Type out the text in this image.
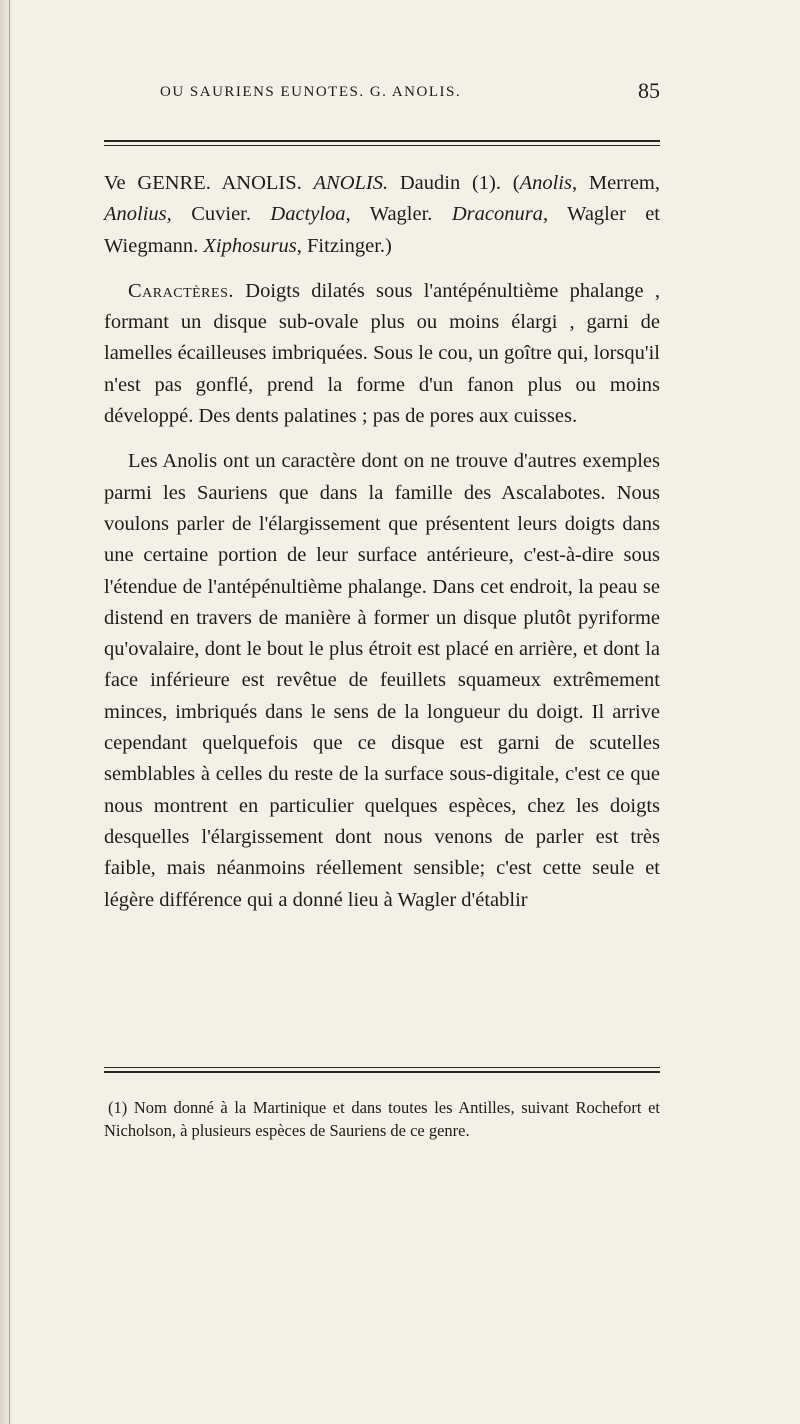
OU SAURIENS EUNOTES. G. ANOLIS.	85

Ve GENRE. ANOLIS. ANOLIS. Daudin (1). (Anolis, Merrem, Anolius, Cuvier. Dactyloa, Wagler. Draconura, Wagler et Wiegmann. Xiphosurus, Fitzinger.)

Caractères. Doigts dilatés sous l'antépénultième phalange , formant un disque sub-ovale plus ou moins élargi , garni de lamelles écailleuses imbriquées. Sous le cou, un goître qui, lorsqu'il n'est pas gonflé, prend la forme d'un fanon plus ou moins développé. Des dents palatines ; pas de pores aux cuisses.

Les Anolis ont un caractère dont on ne trouve d'autres exemples parmi les Sauriens que dans la famille des Ascalabotes. Nous voulons parler de l'élargissement que présentent leurs doigts dans une certaine portion de leur surface antérieure, c'est-à-dire sous l'étendue de l'antépénultième phalange. Dans cet endroit, la peau se distend en travers de manière à former un disque plutôt pyriforme qu'ovalaire, dont le bout le plus étroit est placé en arrière, et dont la face inférieure est revêtue de feuillets squameux extrêmement minces, imbriqués dans le sens de la longueur du doigt. Il arrive cependant quelquefois que ce disque est garni de scutelles semblables à celles du reste de la surface sous-digitale, c'est ce que nous montrent en particulier quelques espèces, chez les doigts desquelles l'élargissement dont nous venons de parler est très faible, mais néanmoins réellement sensible; c'est cette seule et légère différence qui a donné lieu à Wagler d'établir

(1) Nom donné à la Martinique et dans toutes les Antilles, suivant Rochefort et Nicholson, à plusieurs espèces de Sauriens de ce genre.
